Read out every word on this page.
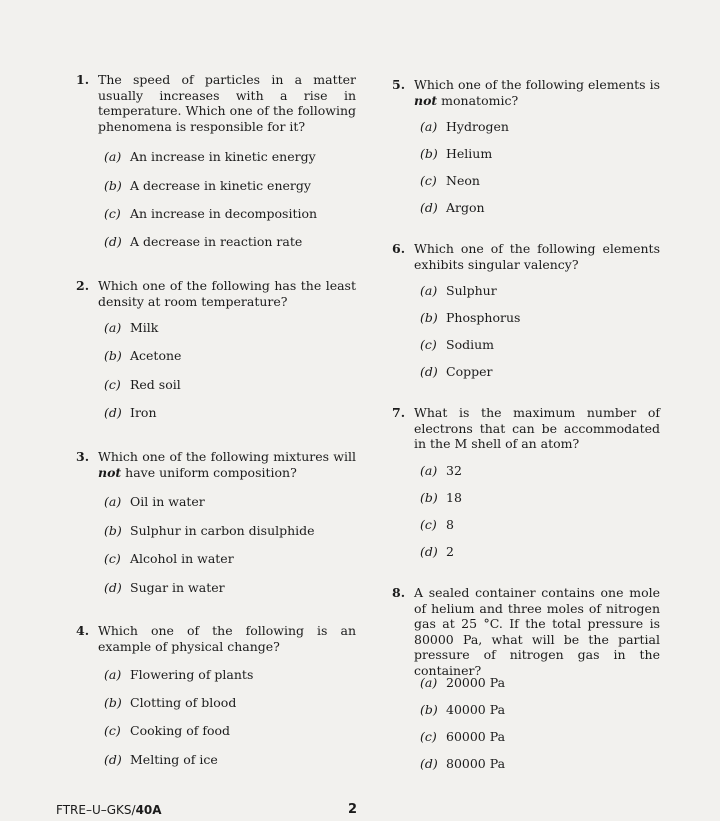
1. The speed of particles in a matter usually increases with a rise in temperature. Which one of the following phenomena is responsible for it?
(a) An increase in kinetic energy
(b) A decrease in kinetic energy
(c) An increase in decomposition
(d) A decrease in reaction rate
2. Which one of the following has the least density at room temperature?
(a) Milk
(b) Acetone
(c) Red soil
(d) Iron
3. Which one of the following mixtures will not have uniform composition?
(a) Oil in water
(b) Sulphur in carbon disulphide
(c) Alcohol in water
(d) Sugar in water
4. Which one of the following is an example of physical change?
(a) Flowering of plants
(b) Clotting of blood
(c) Cooking of food
(d) Melting of ice
5. Which one of the following elements is not monatomic?
(a) Hydrogen
(b) Helium
(c) Neon
(d) Argon
6. Which one of the following elements exhibits singular valency?
(a) Sulphur
(b) Phosphorus
(c) Sodium
(d) Copper
7. What is the maximum number of electrons that can be accommodated in the M shell of an atom?
(a) 32
(b) 18
(c) 8
(d) 2
8. A sealed container contains one mole of helium and three moles of nitrogen gas at 25 °C. If the total pressure is 80000 Pa, what will be the partial pressure of nitrogen gas in the container?
(a) 20000 Pa
(b) 40000 Pa
(c) 60000 Pa
(d) 80000 Pa
FTRE–U–GKS/40A	2
